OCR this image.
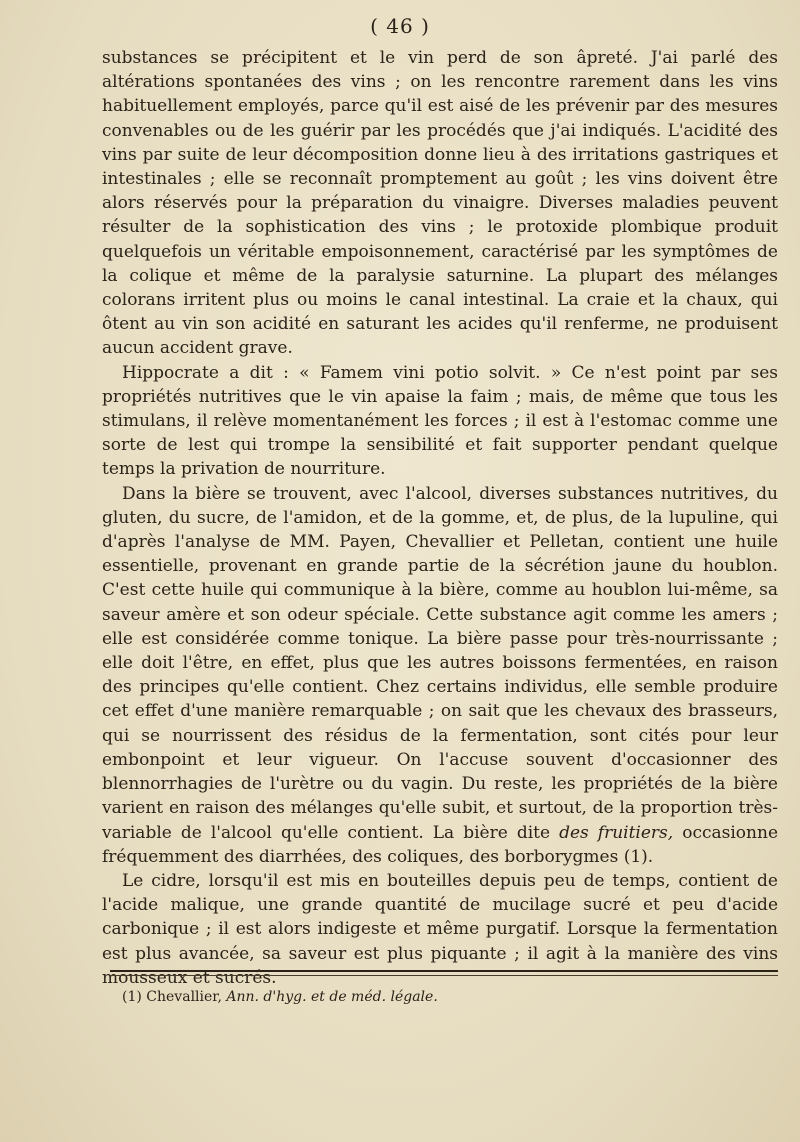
( 46 )

substances se précipitent et le vin perd de son âpreté. J'ai parlé des altérations spontanées des vins ; on les rencontre rarement dans les vins habituellement employés, parce qu'il est aisé de les prévenir par des mesures convenables ou de les guérir par les procédés que j'ai indiqués. L'acidité des vins par suite de leur décomposition donne lieu à des irritations gastriques et intestinales ; elle se reconnaît promptement au goût ; les vins doivent être alors réservés pour la préparation du vinaigre. Diverses maladies peuvent résulter de la sophistication des vins ; le protoxide plombique produit quelquefois un véritable empoisonnement, caractérisé par les symptômes de la colique et même de la paralysie saturnine. La plupart des mélanges colorans irritent plus ou moins le canal intestinal. La craie et la chaux, qui ôtent au vin son acidité en saturant les acides qu'il renferme, ne produisent aucun accident grave.

Hippocrate a dit : « Famem vini potio solvit. » Ce n'est point par ses propriétés nutritives que le vin apaise la faim ; mais, de même que tous les stimulans, il relève momentanément les forces ; il est à l'estomac comme une sorte de lest qui trompe la sensibilité et fait supporter pendant quelque temps la privation de nourriture.

Dans la bière se trouvent, avec l'alcool, diverses substances nutritives, du gluten, du sucre, de l'amidon, et de la gomme, et, de plus, de la lupuline, qui d'après l'analyse de MM. Payen, Chevallier et Pelletan, contient une huile essentielle, provenant en grande partie de la sécrétion jaune du houblon. C'est cette huile qui communique à la bière, comme au houblon lui-même, sa saveur amère et son odeur spéciale. Cette substance agit comme les amers ; elle est considérée comme tonique. La bière passe pour très-nourrissante ; elle doit l'être, en effet, plus que les autres boissons fermentées, en raison des principes qu'elle contient. Chez certains individus, elle semble produire cet effet d'une manière remarquable ; on sait que les chevaux des brasseurs, qui se nourrissent des résidus de la fermentation, sont cités pour leur embonpoint et leur vigueur. On l'accuse souvent d'occasionner des blennorrhagies de l'urètre ou du vagin. Du reste, les propriétés de la bière varient en raison des mélanges qu'elle subit, et surtout, de la proportion très-variable de l'alcool qu'elle contient. La bière dite des fruitiers, occasionne fréquemment des diarrhées, des coliques, des borborygmes (1).

Le cidre, lorsqu'il est mis en bouteilles depuis peu de temps, contient de l'acide malique, une grande quantité de mucilage sucré et peu d'acide carbonique ; il est alors indigeste et même purgatif. Lorsque la fermentation est plus avancée, sa saveur est plus piquante ; il agit à la manière des vins mousseux et sucrés.

(1) Chevallier, Ann. d'hyg. et de méd. légale.
